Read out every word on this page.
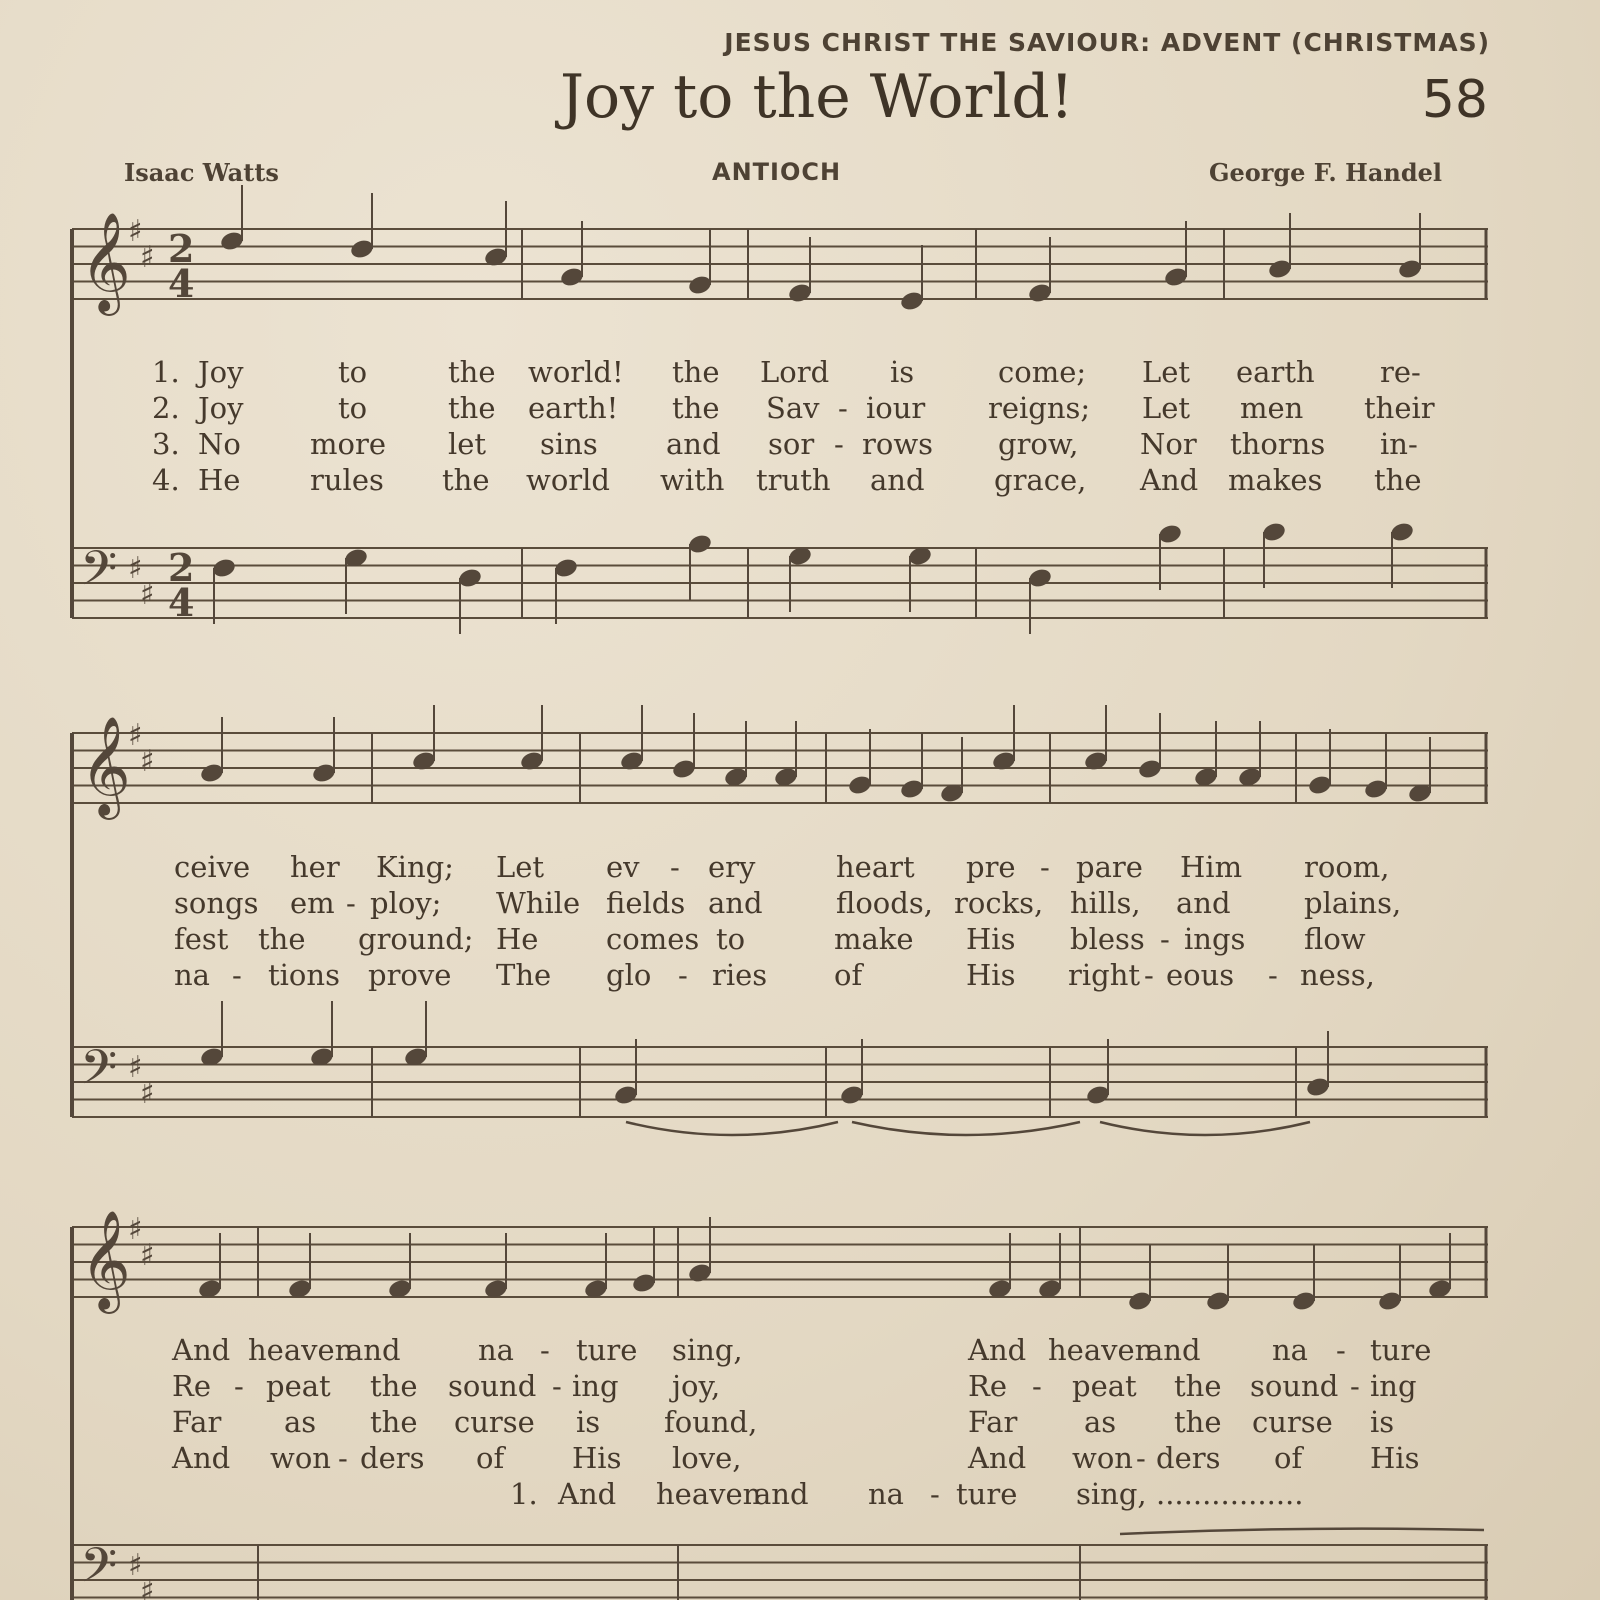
JESUS CHRIST THE SAVIOUR: ADVENT (CHRISTMAS)
Joy to the World!	58
Isaac Watts	ANTIOCH	George F. Handel
𝄞
♯
♯ 2
4
𝄢 ♯
♯
2
4
𝄞
♯
♯
𝄢 ♯
♯
𝄞
♯
♯
𝄢 ♯
♯
1. Joy	to	the world! the Lord is	come; Let earth re-
2. Joy	to	the earth! the Sav - iour reigns; Let men their
3. No more let sins and sor - rows grow, Nor thorns in-
4. He rules the world with truth and grace, And makes the
ceive her King; Let ev - ery	heart pre - pare Him room,
songs em - ploy; While fields and	floods, rocks, hills, and	plains,
fest the ground; He comes to	make His bless - ings flow
na - tions prove The glo - ries of	His right - eous - ness,
And heaven
and	na - ture sing,	And heaven
and na - ture
Re - peat the sound - ing joy,	Re - peat the sound - ing
Far as the curse is found,	Far as the curse is
And won - ders of His love,	And won - ders of His
1. And heaven
and na - ture sing, ................
